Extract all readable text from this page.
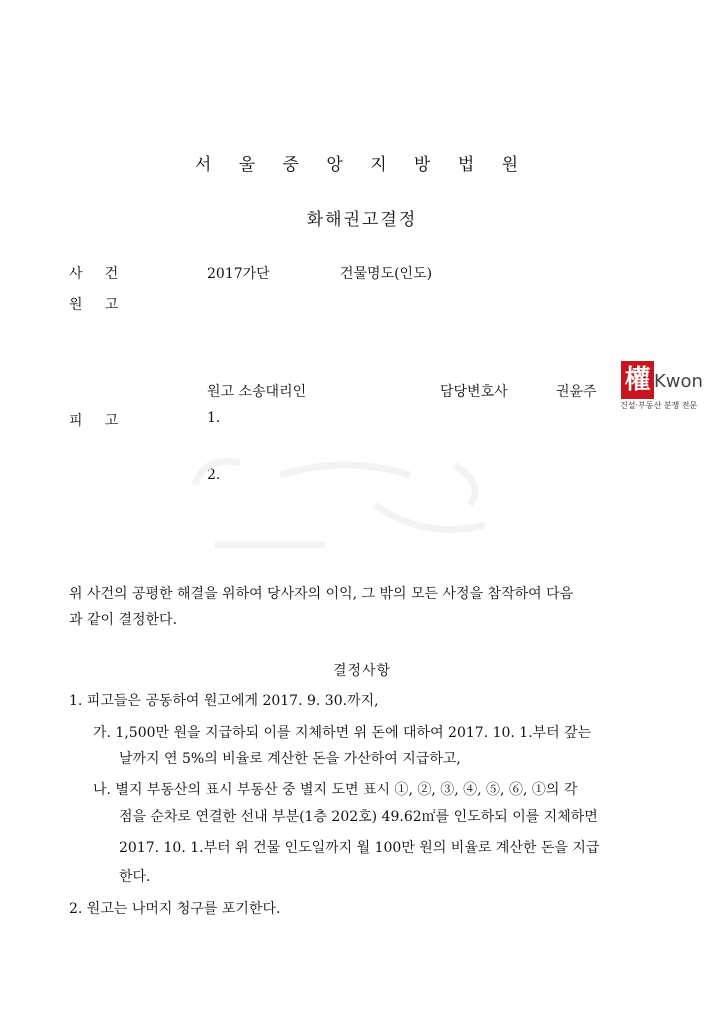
서 울 중 앙 지 방 법 원
화해권고결정
사     건	2017가단	건물명도(인도)
원     고
원고 소송대리인	담당변호사	권윤주 權 Kwon
건설·부동산 분쟁 전문
피     고	1.
2.
위 사건의 공평한 해결을 위하여 당사자의 이익, 그 밖의 모든 사정을 참작하여 다음
과 같이 결정한다.
결정사항
1. 피고들은 공동하여 원고에게 2017. 9. 30.까지,
가. 1,500만 원을 지급하되 이를 지체하면 위 돈에 대하여 2017. 10. 1.부터 갚는
날까지 연 5%의 비율로 계산한 돈을 가산하여 지급하고,
나. 별지 부동산의 표시 부동산 중 별지 도면 표시 ①, ②, ③, ④, ⑤, ⑥, ①의 각
점을 순차로 연결한 선내 부분(1층 202호) 49.62㎡를 인도하되 이를 지체하면
2017. 10. 1.부터 위 건물 인도일까지 월 100만 원의 비율로 계산한 돈을 지급
한다.
2. 원고는 나머지 청구를 포기한다.
